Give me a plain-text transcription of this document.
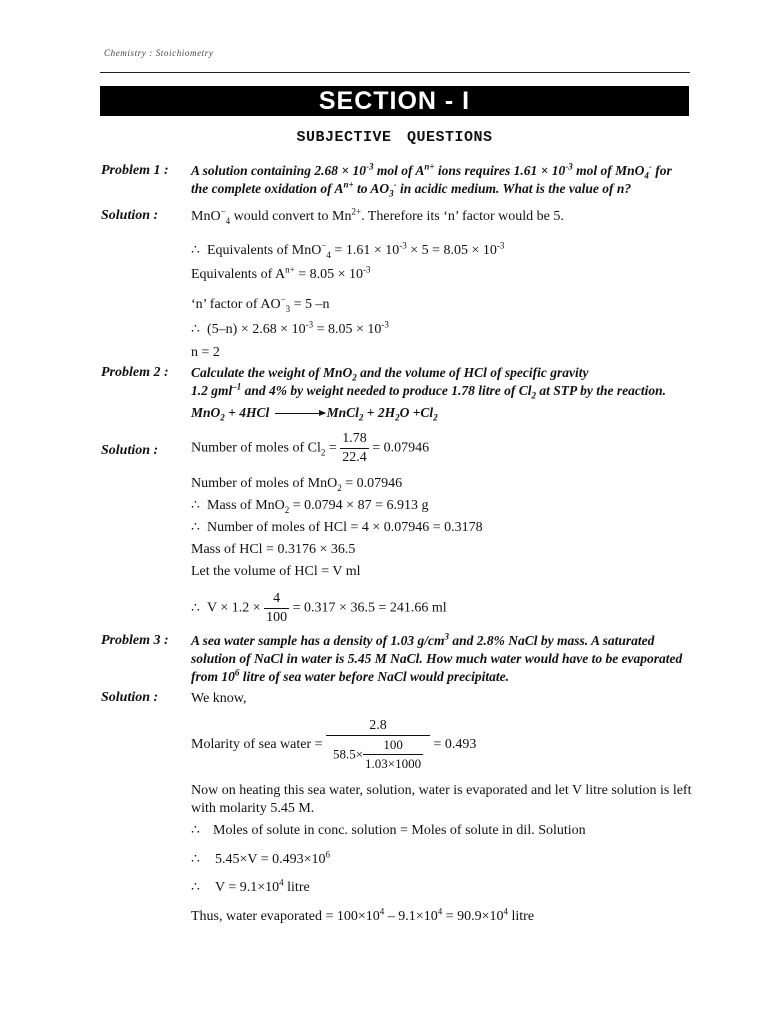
Chemistry : Stoichiometry
SECTION - I
SUBJECTIVE QUESTIONS
Problem 1 : A solution containing $2.68 \times 10^{-3}$ mol of $A^{n+}$ ions requires $1.61 \times 10^{-3}$ mol of MnO$_4$- for
the complete oxidation of $A^{n+}$ to $AO_3^-$ in acidic medium. What is the value of n?
Solution : MnO−$_4$ would convert to $Mn^{2+}$. Therefore its ‘n’ factor would be 5.
∴ Equivalents of $MnO^-_4 = 1.61 \times 10^{-3} \times 5 = 8.05 \times 10^{-3}$
Equivalents of $A^{n+} = 8.05 \times 10^{-3}$
‘n’ factor of $AO^-_3 = 5$ –n
∴ $(5-n) \times 2.68 \times 10^{-3} = 8.05 \times 10^{-3}$
n = 2
Problem 2 : Calculate the weight of MnO$_2$ and the volume of HCl of specific gravity
1.2 gml$^{-1}$ and 4% by weight needed to produce 1.78 litre of $Cl_2$ at STP by the reaction.
MnO$_2$ + 4HCl → MnCl$_2$ + $2H_2O +Cl_2$
Solution : Number of moles of $Cl_2 = \frac{1.78}{22.4} = 0.07946$
Number of moles of MnO$_2$ = 0.07946
∴ Mass of MnO$_2$ = 0.0794 × 87 = 6.913 g
∴ Number of moles of HCl = 4 × 0.07946 = 0.3178
Mass of HCl = 0.3176 × 36.5
Let the volume of HCl = V ml
∴ $V \times 1.2 \times \frac{4}{100} = 0.317 \times 36.5 = 241.66$ ml
Problem 3 : A sea water sample has a density of 1.03 $g/cm^3$ and 2.8% NaCl by mass. A saturated
solution of NaCl in water is 5.45 M NaCl. How much water would have to be evaporated
from $10^6$ litre of sea water before NaCl would precipitate.
Solution : We know,
Molarity of sea water = $\frac{2.8}{58.5\times \frac{100}{1.03\times 1000}} = 0.493$
Now on heating this sea water, solution, water is evaporated and let V litre solution is left
with molarity 5.45 M.
∴ Moles of solute in conc. solution = Moles of solute in dil. Solution
∴ $5.45\times V = 0.493\times 10^6$
∴ $V = 9.1\times 10^4$ litre
Thus, water evaporated = $100\times 10^4 - 9.1\times 10^4 = 90.9\times 10^4$ litre
